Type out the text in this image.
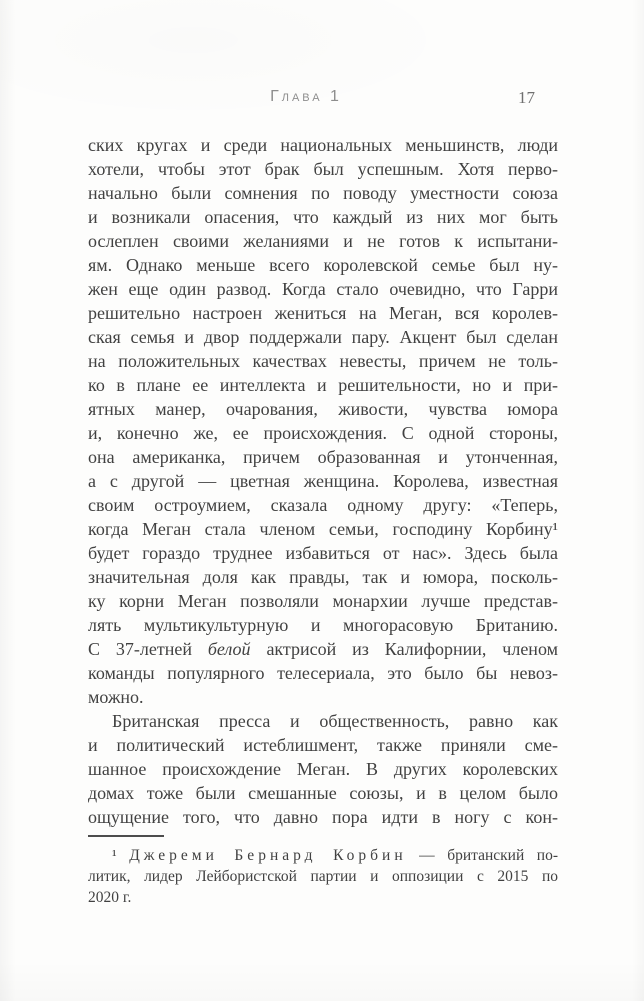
Глава 1	17
ских кругах и среди национальных меньшинств, люди
хотели, чтобы этот брак был успешным. Хотя перво-
начально были сомнения по поводу уместности союза
и возникали опасения, что каждый из них мог быть
ослеплен своими желаниями и не готов к испытани-
ям. Однако меньше всего королевской семье был ну-
жен еще один развод. Когда стало очевидно, что Гарри
решительно настроен жениться на Меган, вся королев-
ская семья и двор поддержали пару. Акцент был сделан
на положительных качествах невесты, причем не толь-
ко в плане ее интеллекта и решительности, но и при-
ятных манер, очарования, живости, чувства юмора
и, конечно же, ее происхождения. С одной стороны,
она американка, причем образованная и утонченная,
а с другой — цветная женщина. Королева, известная
своим остроумием, сказала одному другу: «Теперь,
когда Меган стала членом семьи, господину Корбину¹
будет гораздо труднее избавиться от нас». Здесь была
значительная доля как правды, так и юмора, посколь-
ку корни Меган позволяли монархии лучше представ-
лять мультикультурную и многорасовую Британию.
С 37-летней белой актрисой из Калифорнии, членом
команды популярного телесериала, это было бы невоз-
можно.
Британская пресса и общественность, равно как
и политический истеблишмент, также приняли сме-
шанное происхождение Меган. В других королевских
домах тоже были смешанные союзы, и в целом было
ощущение того, что давно пора идти в ногу с кон-
¹ Джереми Бернард Корбин — британский по-
литик, лидер Лейбористской партии и оппозиции с 2015 по
2020 г.
